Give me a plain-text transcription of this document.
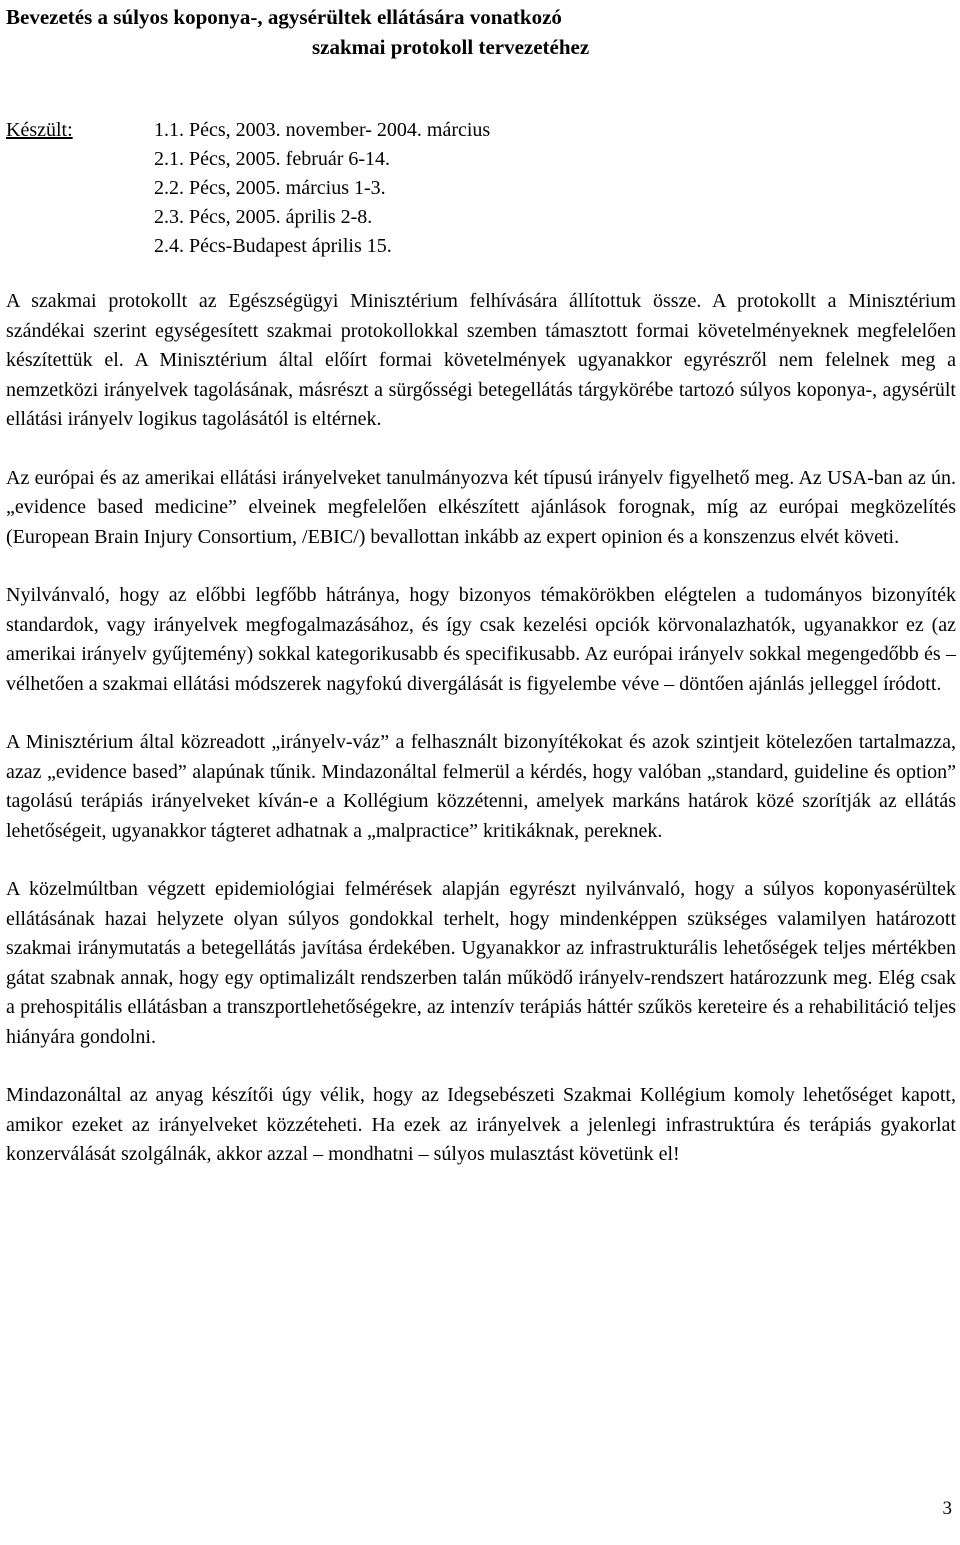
Bevezetés a súlyos koponya-, agysérültek ellátására vonatkozó
szakmai protokoll tervezetéhez
Készült:	1.1. Pécs, 2003. november- 2004. március
2.1. Pécs, 2005. február 6-14.
2.2. Pécs, 2005. március 1-3.
2.3. Pécs, 2005. április 2-8.
2.4. Pécs-Budapest április 15.

A szakmai protokollt az Egészségügyi Minisztérium felhívására állítottuk össze. A protokollt a Minisztérium szándékai szerint egységesített szakmai protokollokkal szemben támasztott formai követelményeknek megfelelően készítettük el. A Minisztérium által előírt formai követelmények ugyanakkor egyrészről nem felelnek meg a nemzetközi irányelvek tagolásának, másrészt a sürgősségi betegellátás tárgykörébe tartozó súlyos koponya-, agysérült ellátási irányelv logikus tagolásától is eltérnek.

Az európai és az amerikai ellátási irányelveket tanulmányozva két típusú irányelv figyelhető meg. Az USA-ban az ún. „evidence based medicine” elveinek megfelelően elkészített ajánlások forognak, míg az európai megközelítés (European Brain Injury Consortium, /EBIC/) bevallottan inkább az expert opinion és a konszenzus elvét követi.

Nyilvánvaló, hogy az előbbi legfőbb hátránya, hogy bizonyos témakörökben elégtelen a tudományos bizonyíték standardok, vagy irányelvek megfogalmazásához, és így csak kezelési opciók körvonalazhatók, ugyanakkor ez (az amerikai irányelv gyűjtemény) sokkal kategorikusabb és specifikusabb. Az európai irányelv sokkal megengedőbb és – vélhetően a szakmai ellátási módszerek nagyfokú divergálását is figyelembe véve – döntően ajánlás jelleggel íródott.

A Minisztérium által közreadott „irányelv-váz” a felhasznált bizonyítékokat és azok szintjeit kötelezően tartalmazza, azaz „evidence based” alapúnak tűnik. Mindazonáltal felmerül a kérdés, hogy valóban „standard, guideline és option” tagolású terápiás irányelveket kíván-e a Kollégium közzétenni, amelyek markáns határok közé szorítják az ellátás lehetőségeit, ugyanakkor tágteret adhatnak a „malpractice” kritikáknak, pereknek.

A közelmúltban végzett epidemiológiai felmérések alapján egyrészt nyilvánvaló, hogy a súlyos koponyasérültek ellátásának hazai helyzete olyan súlyos gondokkal terhelt, hogy mindenképpen szükséges valamilyen határozott szakmai iránymutatás a betegellátás javítása érdekében. Ugyanakkor az infrastrukturális lehetőségek teljes mértékben gátat szabnak annak, hogy egy optimalizált rendszerben talán működő irányelv-rendszert határozzunk meg. Elég csak a prehospitális ellátásban a transzportlehetőségekre, az intenzív terápiás háttér szűkös kereteire és a rehabilitáció teljes hiányára gondolni.

Mindazonáltal az anyag készítői úgy vélik, hogy az Idegsebészeti Szakmai Kollégium komoly lehetőséget kapott, amikor ezeket az irányelveket közzéteheti. Ha ezek az irányelvek a jelenlegi infrastruktúra és terápiás gyakorlat konzerválását szolgálnák, akkor azzal – mondhatni – súlyos mulasztást követünk el!

3
